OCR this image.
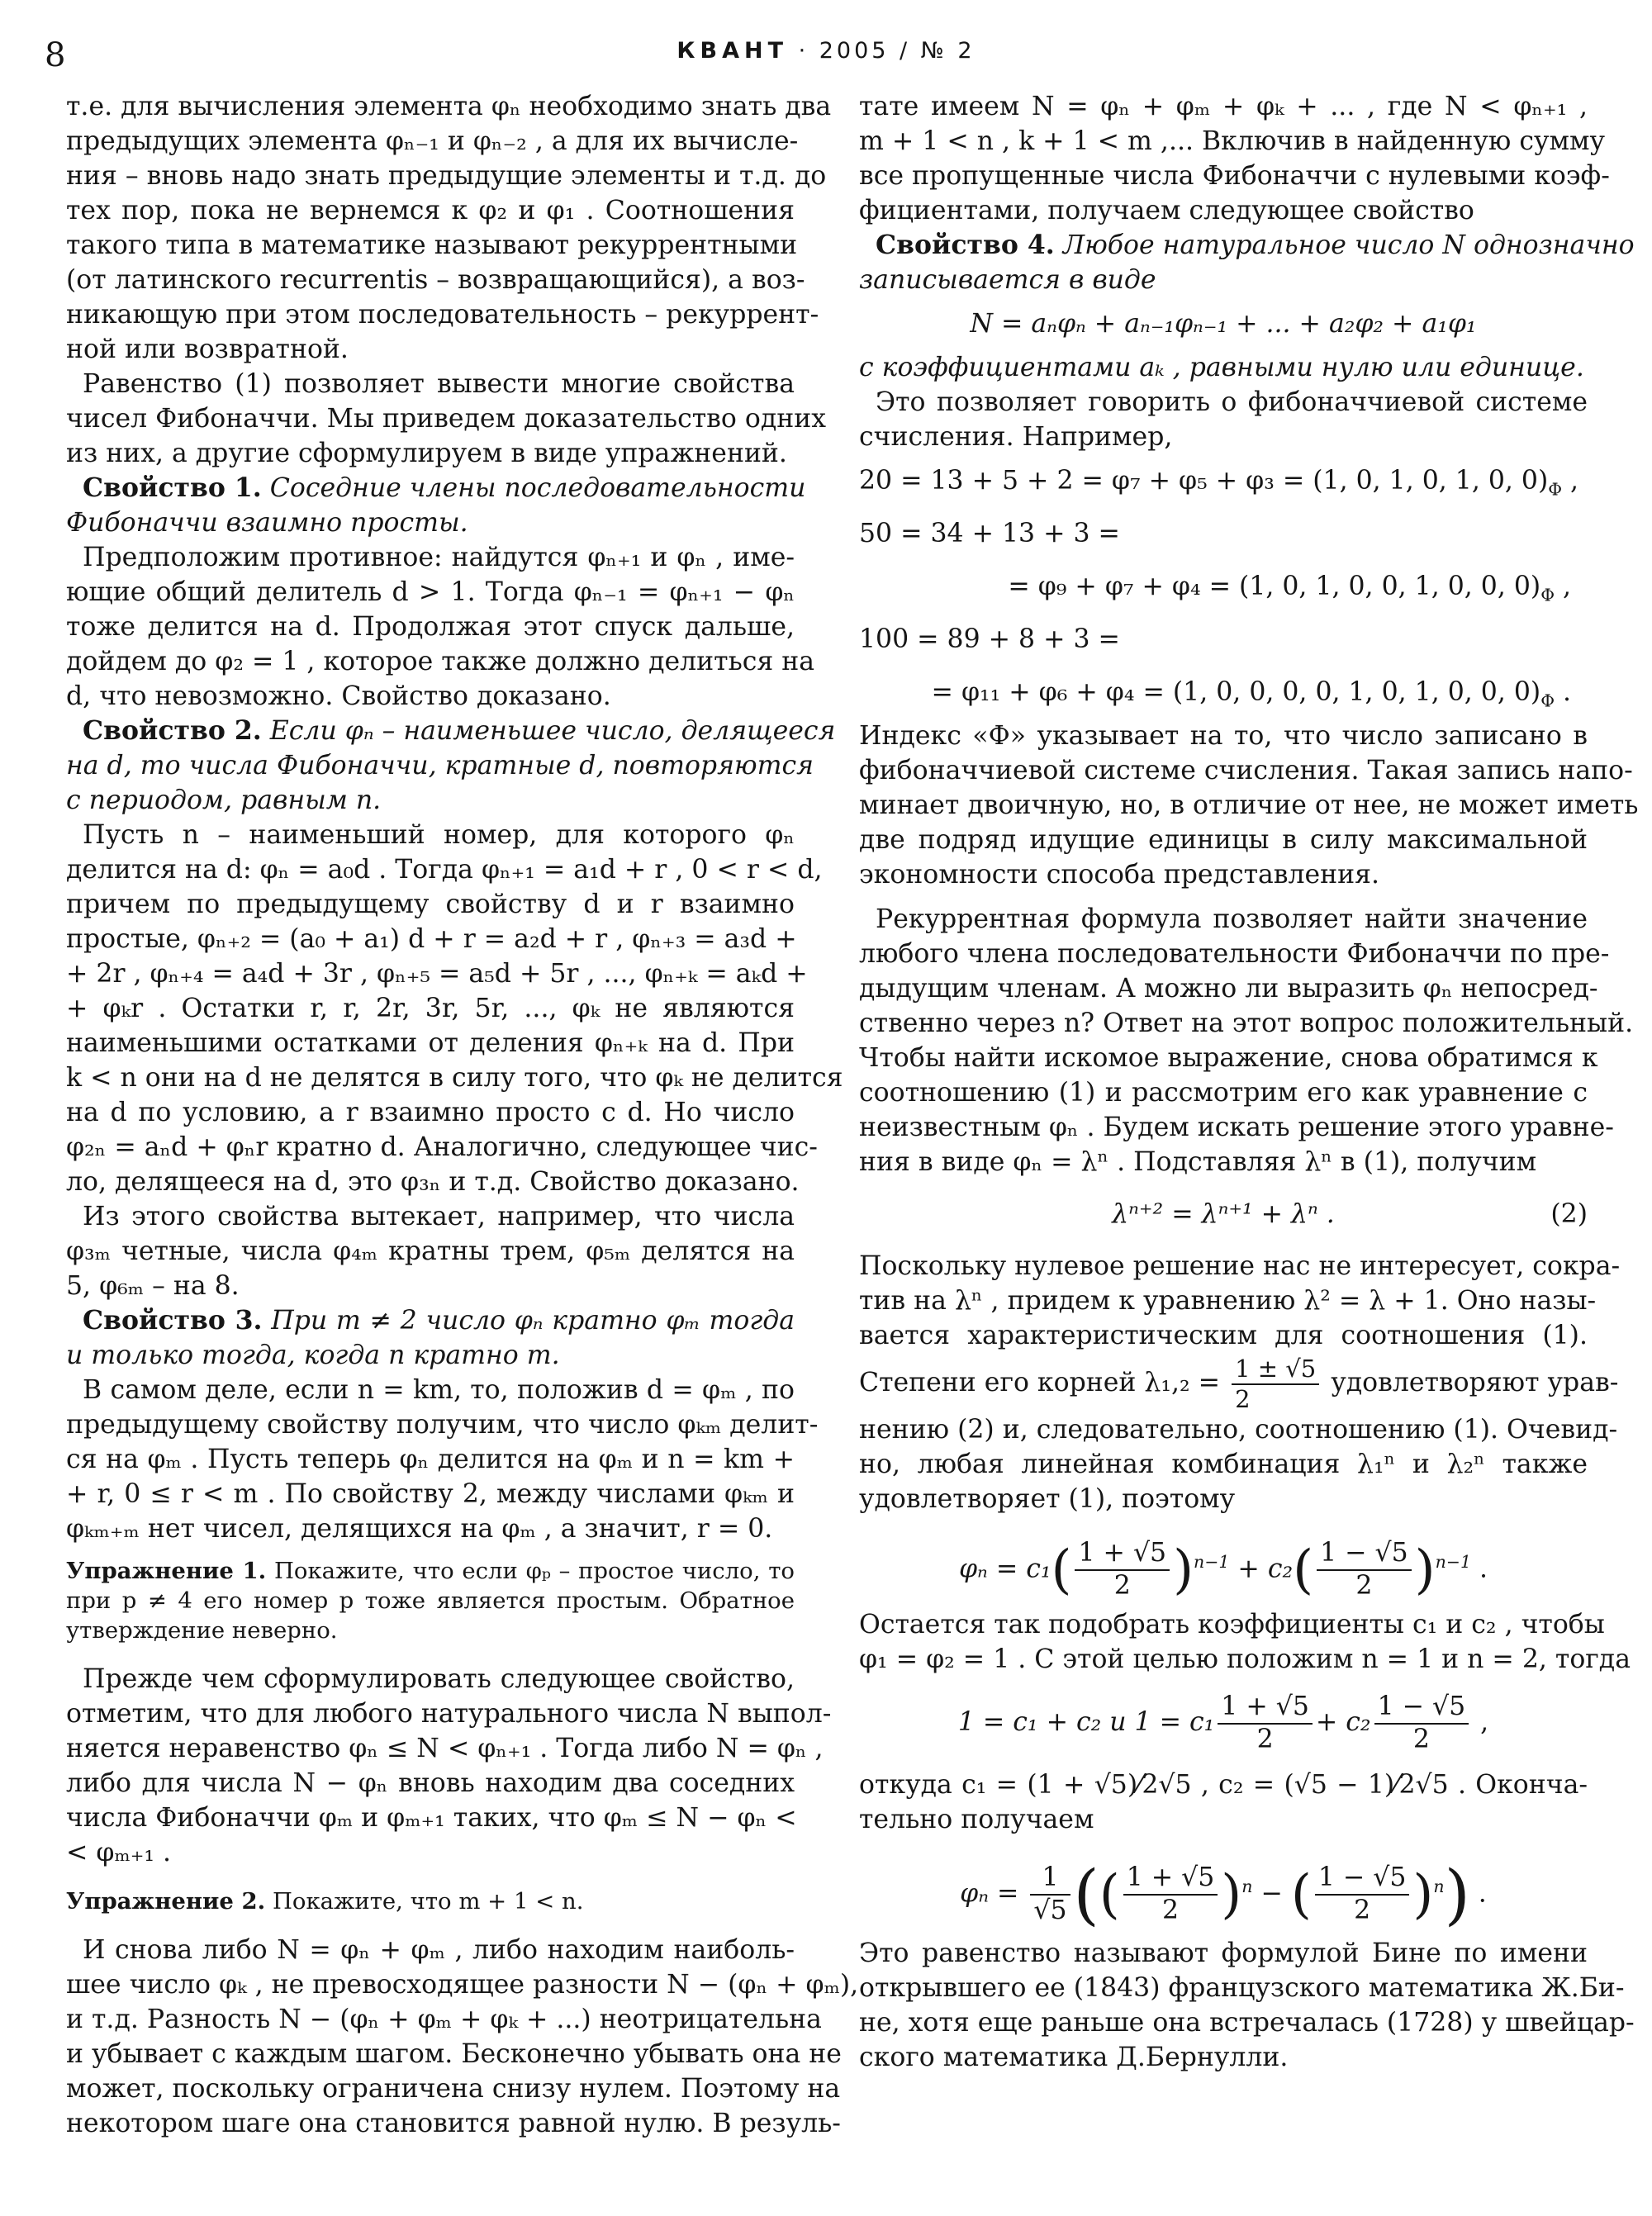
8	КВАНТ · 2005 / № 2
т.е. для вычисления элемента φₙ необходимо знать два
предыдущих элемента φₙ₋₁ и φₙ₋₂ , а для их вычисле-
ния – вновь надо знать предыдущие элементы и т.д. до
тех пор, пока не вернемся к φ₂ и φ₁ . Соотношения
такого типа в математике называют рекуррентными
(от латинского recurrentis – возвращающийся), а воз-
никающую при этом последовательность – рекуррент-
ной или возвратной.
Равенство (1) позволяет вывести многие свойства
чисел Фибоначчи. Мы приведем доказательство одних
из них, а другие сформулируем в виде упражнений.
Свойство 1. Соседние члены последовательности
Фибоначчи взаимно просты.
Предположим противное: найдутся φₙ₊₁ и φₙ , име-
ющие общий делитель d > 1. Тогда φₙ₋₁ = φₙ₊₁ − φₙ
тоже делится на d. Продолжая этот спуск дальше,
дойдем до φ₂ = 1 , которое также должно делиться на
d, что невозможно. Свойство доказано.
Свойство 2. Если φₙ – наименьшее число, делящееся
на d, то числа Фибоначчи, кратные d, повторяются
с периодом, равным n.
Пусть n – наименьший номер, для которого φₙ
делится на d: φₙ = a₀d . Тогда φₙ₊₁ = a₁d + r , 0 < r < d,
причем по предыдущему свойству d и r взаимно
простые, φₙ₊₂ = (a₀ + a₁) d + r = a₂d + r , φₙ₊₃ = a₃d +
+ 2r , φₙ₊₄ = a₄d + 3r , φₙ₊₅ = a₅d + 5r , ..., φₙ₊ₖ = aₖd +
+ φₖr . Остатки r, r, 2r, 3r, 5r, ..., φₖ не являются
наименьшими остатками от деления φₙ₊ₖ на d. При
k < n они на d не делятся в силу того, что φₖ не делится
на d по условию, а r взаимно просто с d. Но число
φ₂ₙ = aₙd + φₙr кратно d. Аналогично, следующее чис-
ло, делящееся на d, это φ₃ₙ и т.д. Свойство доказано.
Из этого свойства вытекает, например, что числа
φ₃ₘ четные, числа φ₄ₘ кратны трем, φ₅ₘ делятся на
5, φ₆ₘ – на 8.
Свойство 3. При m ≠ 2 число φₙ кратно φₘ тогда
и только тогда, когда n кратно m.
В самом деле, если n = km, то, положив d = φₘ , по
предыдущему свойству получим, что число φₖₘ делит-
ся на φₘ . Пусть теперь φₙ делится на φₘ и n = km +
+ r, 0 ≤ r < m . По свойству 2, между числами φₖₘ и
φₖₘ₊ₘ нет чисел, делящихся на φₘ , а значит, r = 0.
Упражнение 1. Покажите, что если φₚ – простое число, то
при p ≠ 4 его номер p тоже является простым. Обратное
утверждение неверно.
Прежде чем сформулировать следующее свойство,
отметим, что для любого натурального числа N выпол-
няется неравенство φₙ ≤ N < φₙ₊₁ . Тогда либо N = φₙ ,
либо для числа N − φₙ вновь находим два соседних
числа Фибоначчи φₘ и φₘ₊₁ таких, что φₘ ≤ N − φₙ <
< φₘ₊₁ .
Упражнение 2. Покажите, что m + 1 < n.
И снова либо N = φₙ + φₘ , либо находим наиболь-
шее число φₖ , не превосходящее разности N − (φₙ + φₘ),
и т.д. Разность N − (φₙ + φₘ + φₖ + ...) неотрицательна
и убывает с каждым шагом. Бесконечно убывать она не
может, поскольку ограничена снизу нулем. Поэтому на
некотором шаге она становится равной нулю. В резуль-
тате имеем N = φₙ + φₘ + φₖ + ... , где N < φₙ₊₁ ,
m + 1 < n , k + 1 < m ,... Включив в найденную сумму
все пропущенные числа Фибоначчи с нулевыми коэф-
фициентами, получаем следующее свойство
Свойство 4. Любое натуральное число N однозначно
записывается в виде
N = aₙφₙ + aₙ₋₁φₙ₋₁ + ... + a₂φ₂ + a₁φ₁
с коэффициентами aₖ , равными нулю или единице.
Это позволяет говорить о фибоначчиевой системе
счисления. Например,
20 = 13 + 5 + 2 = φ₇ + φ₅ + φ₃ = (1, 0, 1, 0, 1, 0, $0)_\Phi$ ,
50 = 34 + 13 + 3 =
= φ₉ + φ₇ + φ₄ = (1, 0, 1, 0, 0, 1, 0, 0, $0)_\Phi$ ,
100 = 89 + 8 + 3 =
= φ₁₁ + φ₆ + φ₄ = (1, 0, 0, 0, 0, 1, 0, 1, 0, 0, $0)_\Phi$ .
Индекс «Ф» указывает на то, что число записано в
фибоначчиевой системе счисления. Такая запись напо-
минает двоичную, но, в отличие от нее, не может иметь
две подряд идущие единицы в силу максимальной
экономности способа представления.
Рекуррентная формула позволяет найти значение
любого члена последовательности Фибоначчи по пре-
дыдущим членам. А можно ли выразить φₙ непосред-
ственно через n? Ответ на этот вопрос положительный.
Чтобы найти искомое выражение, снова обратимся к
соотношению (1) и рассмотрим его как уравнение с
неизвестным φₙ . Будем искать решение этого уравне-
ния в виде φₙ = λⁿ . Подставляя λⁿ в (1), получим
λⁿ⁺² = λⁿ⁺¹ + λⁿ .	(2)
Поскольку нулевое решение нас не интересует, сокра-
тив на λⁿ , придем к уравнению λ² = λ + 1. Оно назы-
вается характеристическим для соотношения (1).
Степени его корней $\lambda_1,_2 = \frac{1 \pm √5}{2}$ удовлетворяют урав-
нению (2) и, следовательно, соотношению (1). Очевид-
но, любая линейная комбинация λ₁ⁿ и λ₂ⁿ также
удовлетворяет (1), поэтому
$\varphi_n = c_1( \frac{1 + √5}{2} )^{n-1} + c_2( \frac{1 - √5}{2} )^{n-1}$ .
Остается так подобрать коэффициенты c₁ и c₂ , чтобы
φ₁ = φ₂ = 1 . С этой целью положим n = 1 и n = 2, тогда
1 = c₁ + c₂ и $1 = c_1 \frac{1 + √5}{2} + c_2 \frac{1 - √5}{2}$ ,
откуда c₁ = (1 + √5)⁄2√5 , c₂ = (√5 − 1)⁄2√5 . Оконча-
тельно получаем
$\varphi_n = \frac{1}{√5}$ (( $\frac{1 + √5}{2} )^n$ − ( $\frac{1 - √5}{2} )^n$) .
Это равенство называют формулой Бине по имени
открывшего ее (1843) французского математика Ж.Би-
не, хотя еще раньше она встречалась (1728) у швейцар-
ского математика Д.Бернулли.
